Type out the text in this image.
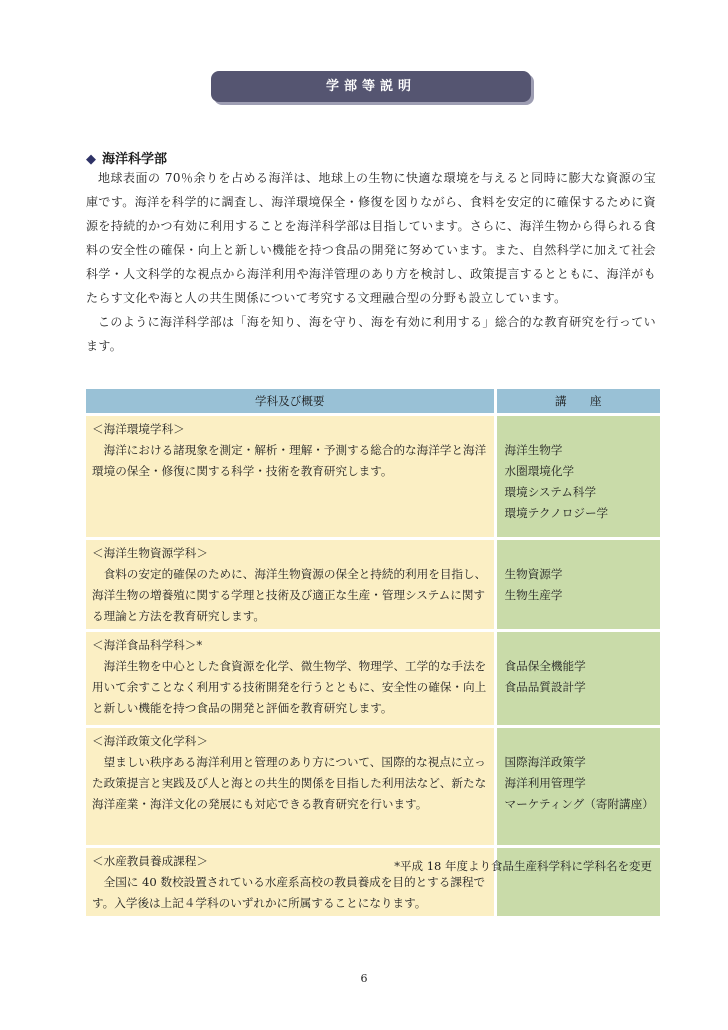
学部等説明
◆ 海洋科学部

地球表面の 70％余りを占める海洋は、地球上の生物に快適な環境を与えると同時に膨大な資源の宝庫です。海洋を科学的に調査し、海洋環境保全・修復を図りながら、食料を安定的に確保するために資源を持続的かつ有効に利用することを海洋科学部は目指しています。さらに、海洋生物から得られる食料の安全性の確保・向上と新しい機能を持つ食品の開発に努めています。また、自然科学に加えて社会科学・人文科学的な視点から海洋利用や海洋管理のあり方を検討し、政策提言するとともに、海洋がもたらす文化や海と人の共生関係について考究する文理融合型の分野も設立しています。

このように海洋科学部は「海を知り、海を守り、海を有効に利用する」総合的な教育研究を行っています。

学科及び概要	講　　座

＜海洋環境学科＞
海洋における諸現象を測定・解析・理解・予測する総合的な海洋学と海洋環境の保全・修復に関する科学・技術を教育研究します。	海洋生物学
水圏環境化学
環境システム科学
環境テクノロジー学

＜海洋生物資源学科＞
食料の安定的確保のために、海洋生物資源の保全と持続的利用を目指し、海洋生物の増養殖に関する学理と技術及び適正な生産・管理システムに関する理論と方法を教育研究します。	生物資源学
生物生産学

＜海洋食品科学科＞*
海洋生物を中心とした食資源を化学、微生物学、物理学、工学的な手法を用いて余すことなく利用する技術開発を行うとともに、安全性の確保・向上と新しい機能を持つ食品の開発と評価を教育研究します。	食品保全機能学
食品品質設計学

＜海洋政策文化学科＞
望ましい秩序ある海洋利用と管理のあり方について、国際的な視点に立った政策提言と実践及び人と海との共生的関係を目指した利用法など、新たな海洋産業・海洋文化の発展にも対応できる教育研究を行います。	国際海洋政策学
海洋利用管理学
マーケティング（寄附講座）

＜水産教員養成課程＞
全国に 40 数校設置されている水産系高校の教員養成を目的とする課程です。入学後は上記４学科のいずれかに所属することになります。	

*平成 18 年度より食品生産科学科に学科名を変更
6
